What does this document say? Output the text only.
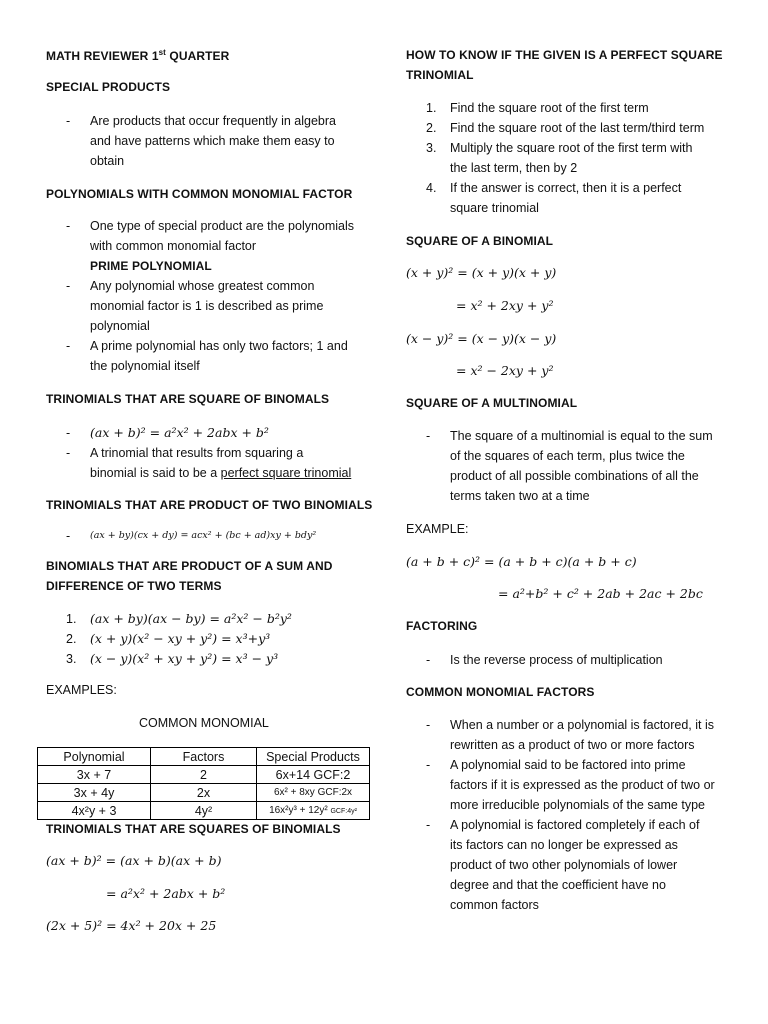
MATH REVIEWER 1st QUARTER
SPECIAL PRODUCTS
- Are products that occur frequently in algebra
and have patterns which make them easy to
obtain
POLYNOMIALS WITH COMMON MONOMIAL FACTOR
- One type of special product are the polynomials
with common monomial factor
PRIME POLYNOMIAL
- Any polynomial whose greatest common
monomial factor is 1 is described as prime
polynomial
- A prime polynomial has only two factors; 1 and
the polynomial itself
TRINOMIALS THAT ARE SQUARE OF BINOMALS
- (ax + b)² = a²x² + 2abx + b²
- A trinomial that results from squaring a
binomial is said to be a perfect square trinomial
TRINOMIALS THAT ARE PRODUCT OF TWO BINOMIALS
- (ax + by)(cx + dy) = acx² + (bc + ad)xy + bdy²
BINOMIALS THAT ARE PRODUCT OF A SUM AND
DIFFERENCE OF TWO TERMS
1. (ax + by)(ax − by) = a²x² − b²y²
2. (x + y)(x² − xy + y²) = x³+y³
3. (x − y)(x² + xy + y²) = x³ − y³
EXAMPLES:
COMMON MONOMIAL
Polynomial	Factors	Special Products
3x + 7	2	6x+14 GCF:2
3x + 4y	2x	6x² + 8xy GCF:2x
4x²y + 3	4y²	16x²y³ + 12y² GCF:4y²
TRINOMIALS THAT ARE SQUARES OF BINOMIALS
(ax + b)² = (ax + b)(ax + b)
= a²x² + 2abx + b²
(2x + 5)² = 4x² + 20x + 25
HOW TO KNOW IF THE GIVEN IS A PERFECT SQUARE
TRINOMIAL
1. Find the square root of the first term
2. Find the square root of the last term/third term
3. Multiply the square root of the first term with
the last term, then by 2
4. If the answer is correct, then it is a perfect
square trinomial
SQUARE OF A BINOMIAL
(x + y)² = (x + y)(x + y)
= x² + 2xy + y²
(x − y)² = (x − y)(x − y)
= x² − 2xy + y²
SQUARE OF A MULTINOMIAL
- The square of a multinomial is equal to the sum
of the squares of each term, plus twice the
product of all possible combinations of all the
terms taken two at a time
EXAMPLE:
(a + b + c)² = (a + b + c)(a + b + c)
= a²+b² + c² + 2ab + 2ac + 2bc
FACTORING
- Is the reverse process of multiplication
COMMON MONOMIAL FACTORS
- When a number or a polynomial is factored, it is
rewritten as a product of two or more factors
- A polynomial said to be factored into prime
factors if it is expressed as the product of two or
more irreducible polynomials of the same type
- A polynomial is factored completely if each of
its factors can no longer be expressed as
product of two other polynomials of lower
degree and that the coefficient have no
common factors
